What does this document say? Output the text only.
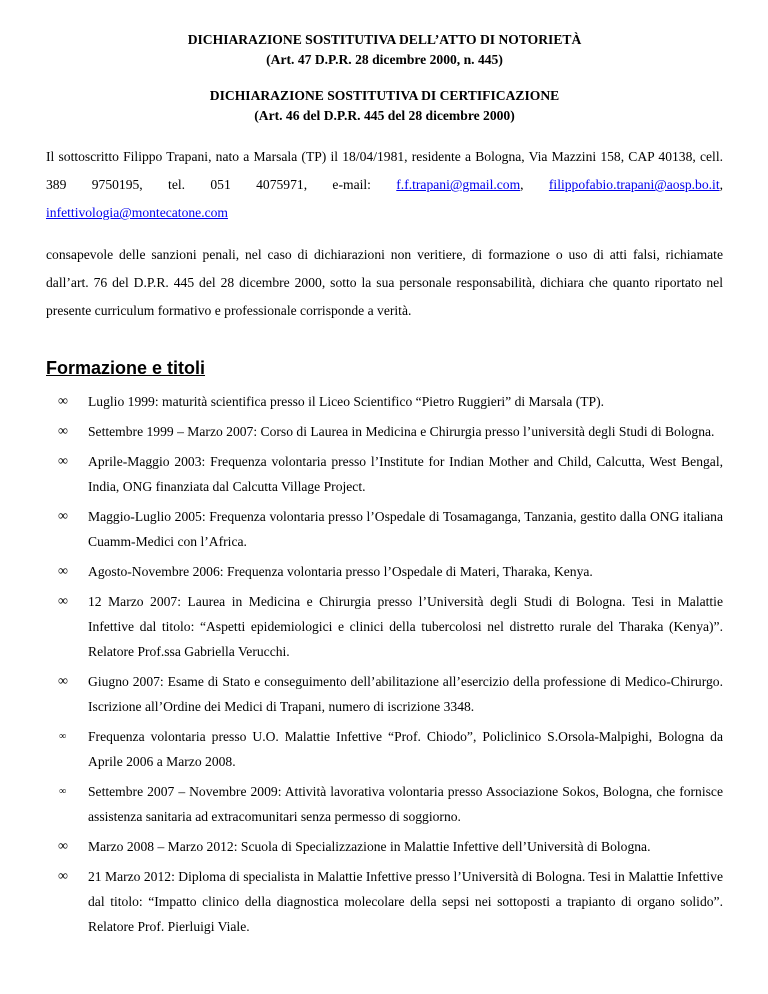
DICHIARAZIONE SOSTITUTIVA DELL’ATTO DI NOTORIETÀ

(Art. 47 D.P.R. 28 dicembre 2000, n. 445)

DICHIARAZIONE SOSTITUTIVA DI CERTIFICAZIONE

(Art. 46 del D.P.R. 445 del 28 dicembre 2000)

Il sottoscritto Filippo Trapani, nato a Marsala (TP) il 18/04/1981, residente a Bologna, Via Mazzini 158, CAP 40138, cell. 389 9750195, tel. 051 4075971, e-mail: f.f.trapani@gmail.com, filippofabio.trapani@aosp.bo.it, infettivologia@montecatone.com

consapevole delle sanzioni penali, nel caso di dichiarazioni non veritiere, di formazione o uso di atti falsi, richiamate dall’art. 76 del D.P.R. 445 del 28 dicembre 2000, sotto la sua personale responsabilità, dichiara che quanto riportato nel presente curriculum formativo e professionale corrisponde a verità.

Formazione e titoli
∞ Luglio 1999: maturità scientifica presso il Liceo Scientifico “Pietro Ruggieri” di Marsala (TP).
∞ Settembre 1999 – Marzo 2007: Corso di Laurea in Medicina e Chirurgia presso l’università degli Studi di Bologna.
∞ Aprile-Maggio 2003: Frequenza volontaria presso l’Institute for Indian Mother and Child, Calcutta, West Bengal, India, ONG finanziata dal Calcutta Village Project.
∞ Maggio-Luglio 2005: Frequenza volontaria presso l’Ospedale di Tosamaganga, Tanzania, gestito dalla ONG italiana Cuamm-Medici con l’Africa.
∞ Agosto-Novembre 2006: Frequenza volontaria presso l’Ospedale di Materi, Tharaka, Kenya.
∞ 12 Marzo 2007: Laurea in Medicina e Chirurgia presso l’Università degli Studi di Bologna. Tesi in Malattie Infettive dal titolo: “Aspetti epidemiologici e clinici della tubercolosi nel distretto rurale del Tharaka (Kenya)”. Relatore Prof.ssa Gabriella Verucchi.
∞ Giugno 2007: Esame di Stato e conseguimento dell’abilitazione all’esercizio della professione di Medico-Chirurgo. Iscrizione all’Ordine dei Medici di Trapani, numero di iscrizione 3348.
∞ Frequenza volontaria presso U.O. Malattie Infettive “Prof. Chiodo”, Policlinico S.Orsola-Malpighi, Bologna da Aprile 2006 a Marzo 2008.
∞ Settembre 2007 – Novembre 2009: Attività lavorativa volontaria presso Associazione Sokos, Bologna, che fornisce assistenza sanitaria ad extracomunitari senza permesso di soggiorno.
∞ Marzo 2008 – Marzo 2012: Scuola di Specializzazione in Malattie Infettive dell’Università di Bologna.
∞ 21 Marzo 2012: Diploma di specialista in Malattie Infettive presso l’Università di Bologna. Tesi in Malattie Infettive dal titolo: “Impatto clinico della diagnostica molecolare della sepsi nei sottoposti a trapianto di organo solido”. Relatore Prof. Pierluigi Viale.
